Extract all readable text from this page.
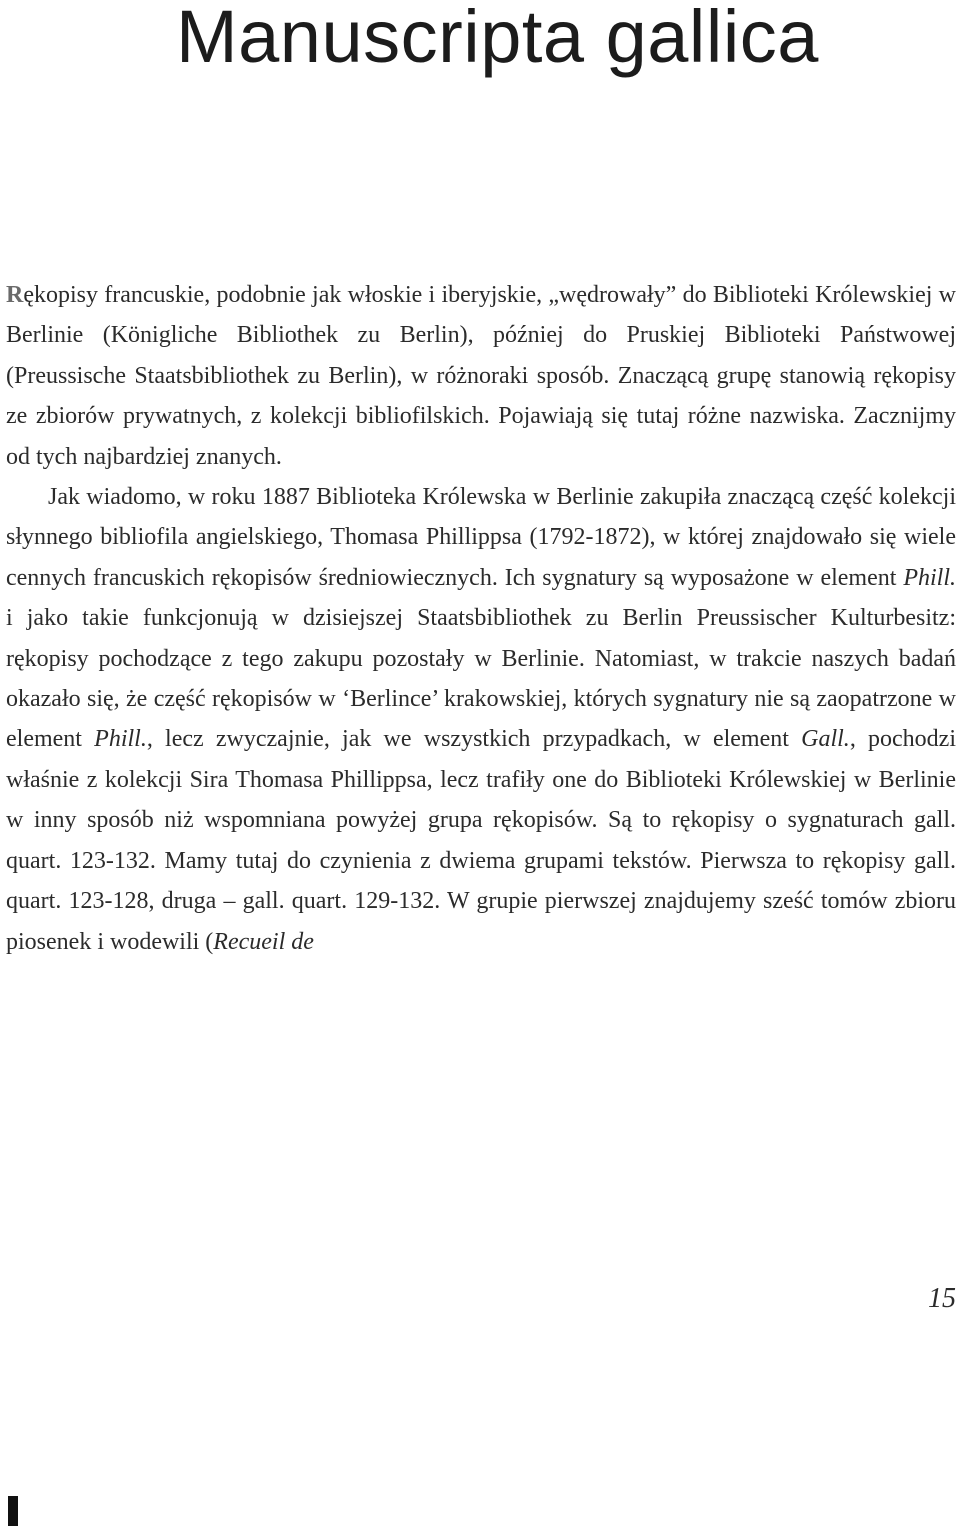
Manuscripta gallica

Rękopisy francuskie, podobnie jak włoskie i iberyjskie, „wędrowały” do Biblioteki Królewskiej w Berlinie (Königliche Bibliothek zu Berlin), później do Pruskiej Biblioteki Państwowej (Preussische Staatsbibliothek zu Berlin), w różnoraki sposób. Znaczącą grupę stanowią rękopisy ze zbiorów prywatnych, z kolekcji bibliofilskich. Pojawiają się tutaj różne nazwiska. Zacznijmy od tych najbardziej znanych.

Jak wiadomo, w roku 1887 Biblioteka Królewska w Berlinie zakupiła znaczącą część kolekcji słynnego bibliofila angielskiego, Thomasa Phillippsa (1792-1872), w której znajdowało się wiele cennych francuskich rękopisów średniowiecznych. Ich sygnatury są wyposażone w element Phill. i jako takie funkcjonują w dzisiejszej Staatsbibliothek zu Berlin Preussischer Kulturbesitz: rękopisy pochodzące z tego zakupu pozostały w Berlinie. Natomiast, w trakcie naszych badań okazało się, że część rękopisów w ‘Berlince’ krakowskiej, których sygnatury nie są zaopatrzone w element Phill., lecz zwyczajnie, jak we wszystkich przypadkach, w element Gall., pochodzi właśnie z kolekcji Sira Thomasa Phillippsa, lecz trafiły one do Biblioteki Królewskiej w Berlinie w inny sposób niż wspomniana powyżej grupa rękopisów. Są to rękopisy o sygnaturach gall. quart. 123-132. Mamy tutaj do czynienia z dwiema grupami tekstów. Pierwsza to rękopisy gall. quart. 123-128, druga – gall. quart. 129-132. W grupie pierwszej znajdujemy sześć tomów zbioru piosenek i wodewili (Recueil de

15
